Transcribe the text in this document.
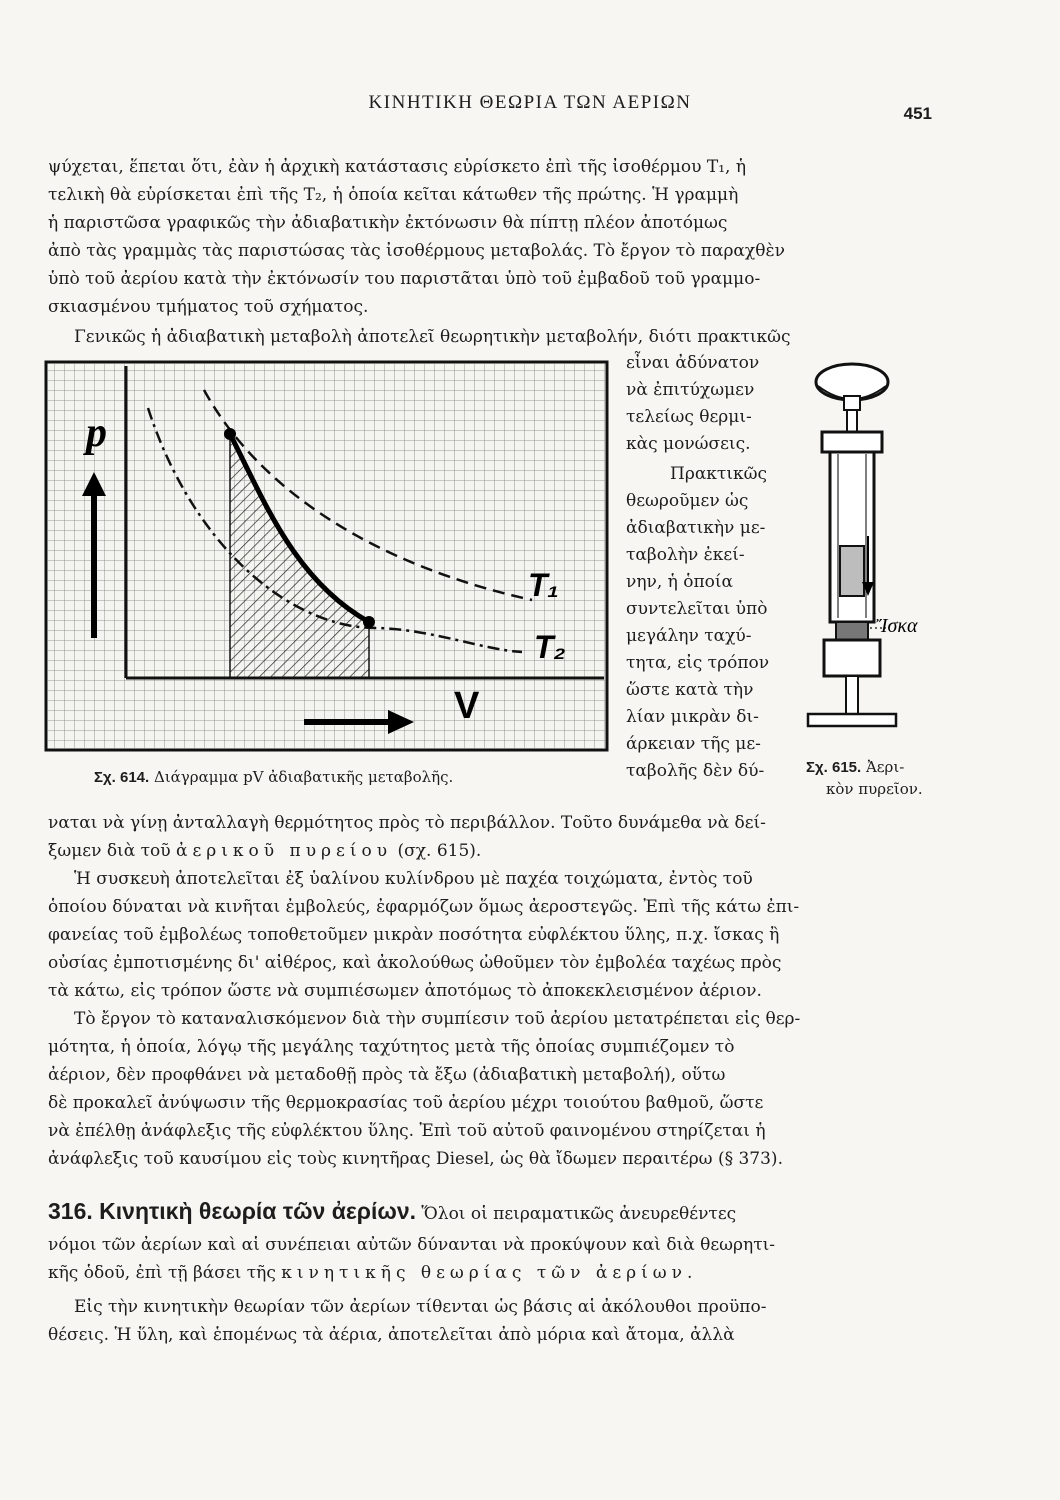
ΚΙΝΗΤΙΚΗ ΘΕΩΡΙΑ ΤΩΝ ΑΕΡΙΩΝ
451
ψύχεται, ἕπεται ὅτι, ἐὰν ἡ ἀρχικὴ κατάστασις εὑρίσκετο ἐπὶ τῆς ἰσοθέρμου T₁, ἡ
τελικὴ θὰ εὑρίσκεται ἐπὶ τῆς T₂, ἡ ὁποία κεῖται κάτωθεν τῆς πρώτης. Ἡ γραμμὴ
ἡ παριστῶσα γραφικῶς τὴν ἀδιαβατικὴν ἐκτόνωσιν θὰ πίπτῃ πλέον ἀποτόμως
ἀπὸ τὰς γραμμὰς τὰς παριστώσας τὰς ἰσοθέρμους μεταβολάς. Τὸ ἔργον τὸ παραχθὲν
ὑπὸ τοῦ ἀερίου κατὰ τὴν ἐκτόνωσίν του παριστᾶται ὑπὸ τοῦ ἐμβαδοῦ τοῦ γραμμο-
σκιασμένου τμήματος τοῦ σχήματος.
Γενικῶς ἡ ἀδιαβατικὴ μεταβολὴ ἀποτελεῖ θεωρητικὴν μεταβολήν, διότι πρακτικῶς
p
V
T₁
T₂
Σχ. 614. Διάγραμμα pV ἀδιαβατικῆς μεταβολῆς.
εἶναι ἀδύνατον
νὰ ἐπιτύχωμεν
τελείως θερμι-
κὰς μονώσεις.
Πρακτικῶς
θεωροῦμεν ὡς
ἀδιαβατικὴν με-
ταβολὴν ἐκεί-
νην, ἡ ὁποία
συντελεῖται ὑπὸ
μεγάλην ταχύ-
τητα, εἰς τρόπον
ὥστε κατὰ τὴν
λίαν μικρὰν δι-
άρκειαν τῆς με-
ταβολῆς δὲν δύ-
Ἴσκα
Σχ. 615. Ἀερι-
κὸν πυρεῖον.
ναται νὰ γίνῃ ἀνταλλαγὴ θερμότητος πρὸς τὸ περιβάλλον. Τοῦτο δυνάμεθα νὰ δεί-
ξωμεν διὰ τοῦ ἀερικοῦ πυρείου (σχ. 615).
Ἡ συσκευὴ ἀποτελεῖται ἐξ ὑαλίνου κυλίνδρου μὲ παχέα τοιχώματα, ἐντὸς τοῦ
ὁποίου δύναται νὰ κινῆται ἐμβολεύς, ἐφαρμόζων ὅμως ἀεροστεγῶς. Ἐπὶ τῆς κάτω ἐπι-
φανείας τοῦ ἐμβολέως τοποθετοῦμεν μικρὰν ποσότητα εὐφλέκτου ὕλης, π.χ. ἴσκας ἢ
οὐσίας ἐμποτισμένης δι' αἰθέρος, καὶ ἀκολούθως ὠθοῦμεν τὸν ἐμβολέα ταχέως πρὸς
τὰ κάτω, εἰς τρόπον ὥστε νὰ συμπιέσωμεν ἀποτόμως τὸ ἀποκεκλεισμένον ἀέριον.
Τὸ ἔργον τὸ καταναλισκόμενον διὰ τὴν συμπίεσιν τοῦ ἀερίου μετατρέπεται εἰς θερ-
μότητα, ἡ ὁποία, λόγῳ τῆς μεγάλης ταχύτητος μετὰ τῆς ὁποίας συμπιέζομεν τὸ
ἀέριον, δὲν προφθάνει νὰ μεταδοθῇ πρὸς τὰ ἔξω (ἀδιαβατικὴ μεταβολή), οὕτω
δὲ προκαλεῖ ἀνύψωσιν τῆς θερμοκρασίας τοῦ ἀερίου μέχρι τοιούτου βαθμοῦ, ὥστε
νὰ ἐπέλθῃ ἀνάφλεξις τῆς εὐφλέκτου ὕλης. Ἐπὶ τοῦ αὐτοῦ φαινομένου στηρίζεται ἡ
ἀνάφλεξις τοῦ καυσίμου εἰς τοὺς κινητῆρας Diesel, ὡς θὰ ἴδωμεν περαιτέρω (§ 373).
316. Κινητικὴ θεωρία τῶν ἀερίων. Ὅλοι οἱ πειραματικῶς ἀνευρεθέντες
νόμοι τῶν ἀερίων καὶ αἱ συνέπειαι αὐτῶν δύνανται νὰ προκύψουν καὶ διὰ θεωρητι-
κῆς ὁδοῦ, ἐπὶ τῇ βάσει τῆς κινητικῆς θεωρίας τῶν ἀερίων.
Εἰς τὴν κινητικὴν θεωρίαν τῶν ἀερίων τίθενται ὡς βάσις αἱ ἀκόλουθοι προϋπο-
θέσεις. Ἡ ὕλη, καὶ ἑπομένως τὰ ἀέρια, ἀποτελεῖται ἀπὸ μόρια καὶ ἄτομα, ἀλλὰ
